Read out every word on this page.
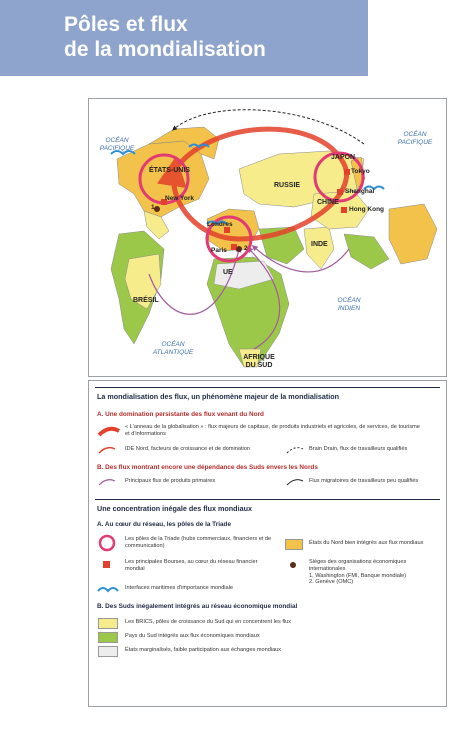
Pôles et flux
de la mondialisation
OCÉAN PACIFIQUE
OCÉAN PACIFIQUE
OCÉAN ATLANTIQUE
OCÉAN INDIEN
ÉTATS-UNIS
RUSSIE
CHINE
JAPON
INDE
BRÉSIL
UE
AFRIQUE DU SUD
New York
1
Londres
Paris	2
Tokyo
Shanghai
Hong Kong
La mondialisation des flux, un phénomène majeur de la mondialisation
A. Une domination persistante des flux venant du Nord
« L'anneau de la globalisation » : flux majeurs de capitaux, de produits industriels et agricoles, de services, de tourisme et d'informations
IDE Nord, facteurs de croissance et de domination	Brain Drain, flux de travailleurs qualifiés
B. Des flux montrant encore une dépendance des Suds envers les Nords
Principaux flux de produits primaires	Flux migratoires de travailleurs peu qualifiés
Une concentration inégale des flux mondiaux
A. Au cœur du réseau, les pôles de la Triade
Les pôles de la Triade (hubs commerciaux, financiers et de communication)	États du Nord bien intégrés aux flux mondiaux
Les principales Bourses, au cœur du réseau financier mondial
Sièges des organisations économiques internationales
1. Washington (FMI, Banque mondiale)
2. Genève (OMC)
Interfaces maritimes d'importance mondiale
B. Des Suds inégalement intégrés au réseau économique mondial
Les BRICS, pôles de croissance du Sud qui en concentrent les flux
Pays du Sud intégrés aux flux économiques mondiaux
États marginalisés, faible participation aux échanges mondiaux
